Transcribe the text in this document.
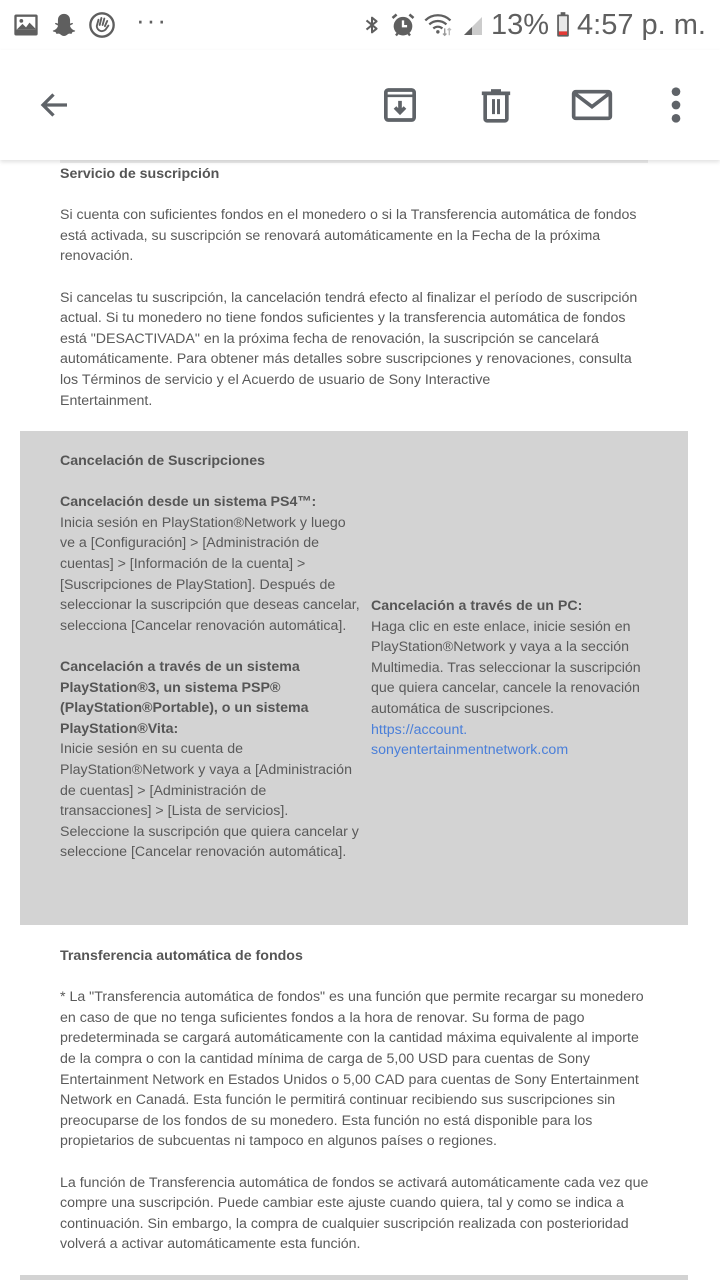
···	13% 4:57 p. m.
Servicio de suscripción

Si cuenta con suficientes fondos en el monedero o si la Transferencia automática de fondos está activada, su suscripción se renovará automáticamente en la Fecha de la próxima renovación.

Si cancelas tu suscripción, la cancelación tendrá efecto al finalizar el período de suscripción actual. Si tu monedero no tiene fondos suficientes y la transferencia automática de fondos está "DESACTIVADA" en la próxima fecha de renovación, la suscripción se cancelará automáticamente. Para obtener más detalles sobre suscripciones y renovaciones, consulta los Términos de servicio y el Acuerdo de usuario de Sony Interactive

Entertainment.

Cancelación de Suscripciones
Cancelación desde un sistema PS4™:
Inicia sesión en PlayStation®Network y luego ve a [Configuración] > [Administración de cuentas] > [Información de la cuenta] > [Suscripciones de PlayStation]. Después de seleccionar la suscripción que deseas cancelar, selecciona [Cancelar renovación automática].
Cancelación a través de un sistema PlayStation®3, un sistema PSP® (PlayStation®Portable), o un sistema PlayStation®Vita:
Inicie sesión en su cuenta de PlayStation®Network y vaya a [Administración de cuentas] > [Administración de transacciones] > [Lista de servicios]. Seleccione la suscripción que quiera cancelar y seleccione [Cancelar renovación automática].
Cancelación a través de un PC:
Haga clic en este enlace, inicie sesión en PlayStation®Network y vaya a la sección Multimedia. Tras seleccionar la suscripción que quiera cancelar, cancele la renovación automática de suscripciones.
https://account.
sonyentertainmentnetwork.com
Transferencia automática de fondos

* La "Transferencia automática de fondos" es una función que permite recargar su monedero en caso de que no tenga suficientes fondos a la hora de renovar. Su forma de pago predeterminada se cargará automáticamente con la cantidad máxima equivalente al importe de la compra o con la cantidad mínima de carga de 5,00 USD para cuentas de Sony Entertainment Network en Estados Unidos o 5,00 CAD para cuentas de Sony Entertainment Network en Canadá. Esta función le permitirá continuar recibiendo sus suscripciones sin preocuparse de los fondos de su monedero. Esta función no está disponible para los propietarios de subcuentas ni tampoco en algunos países o regiones.

La función de Transferencia automática de fondos se activará automáticamente cada vez que compre una suscripción. Puede cambiar este ajuste cuando quiera, tal y como se indica a continuación. Sin embargo, la compra de cualquier suscripción realizada con posterioridad volverá a activar automáticamente esta función.
